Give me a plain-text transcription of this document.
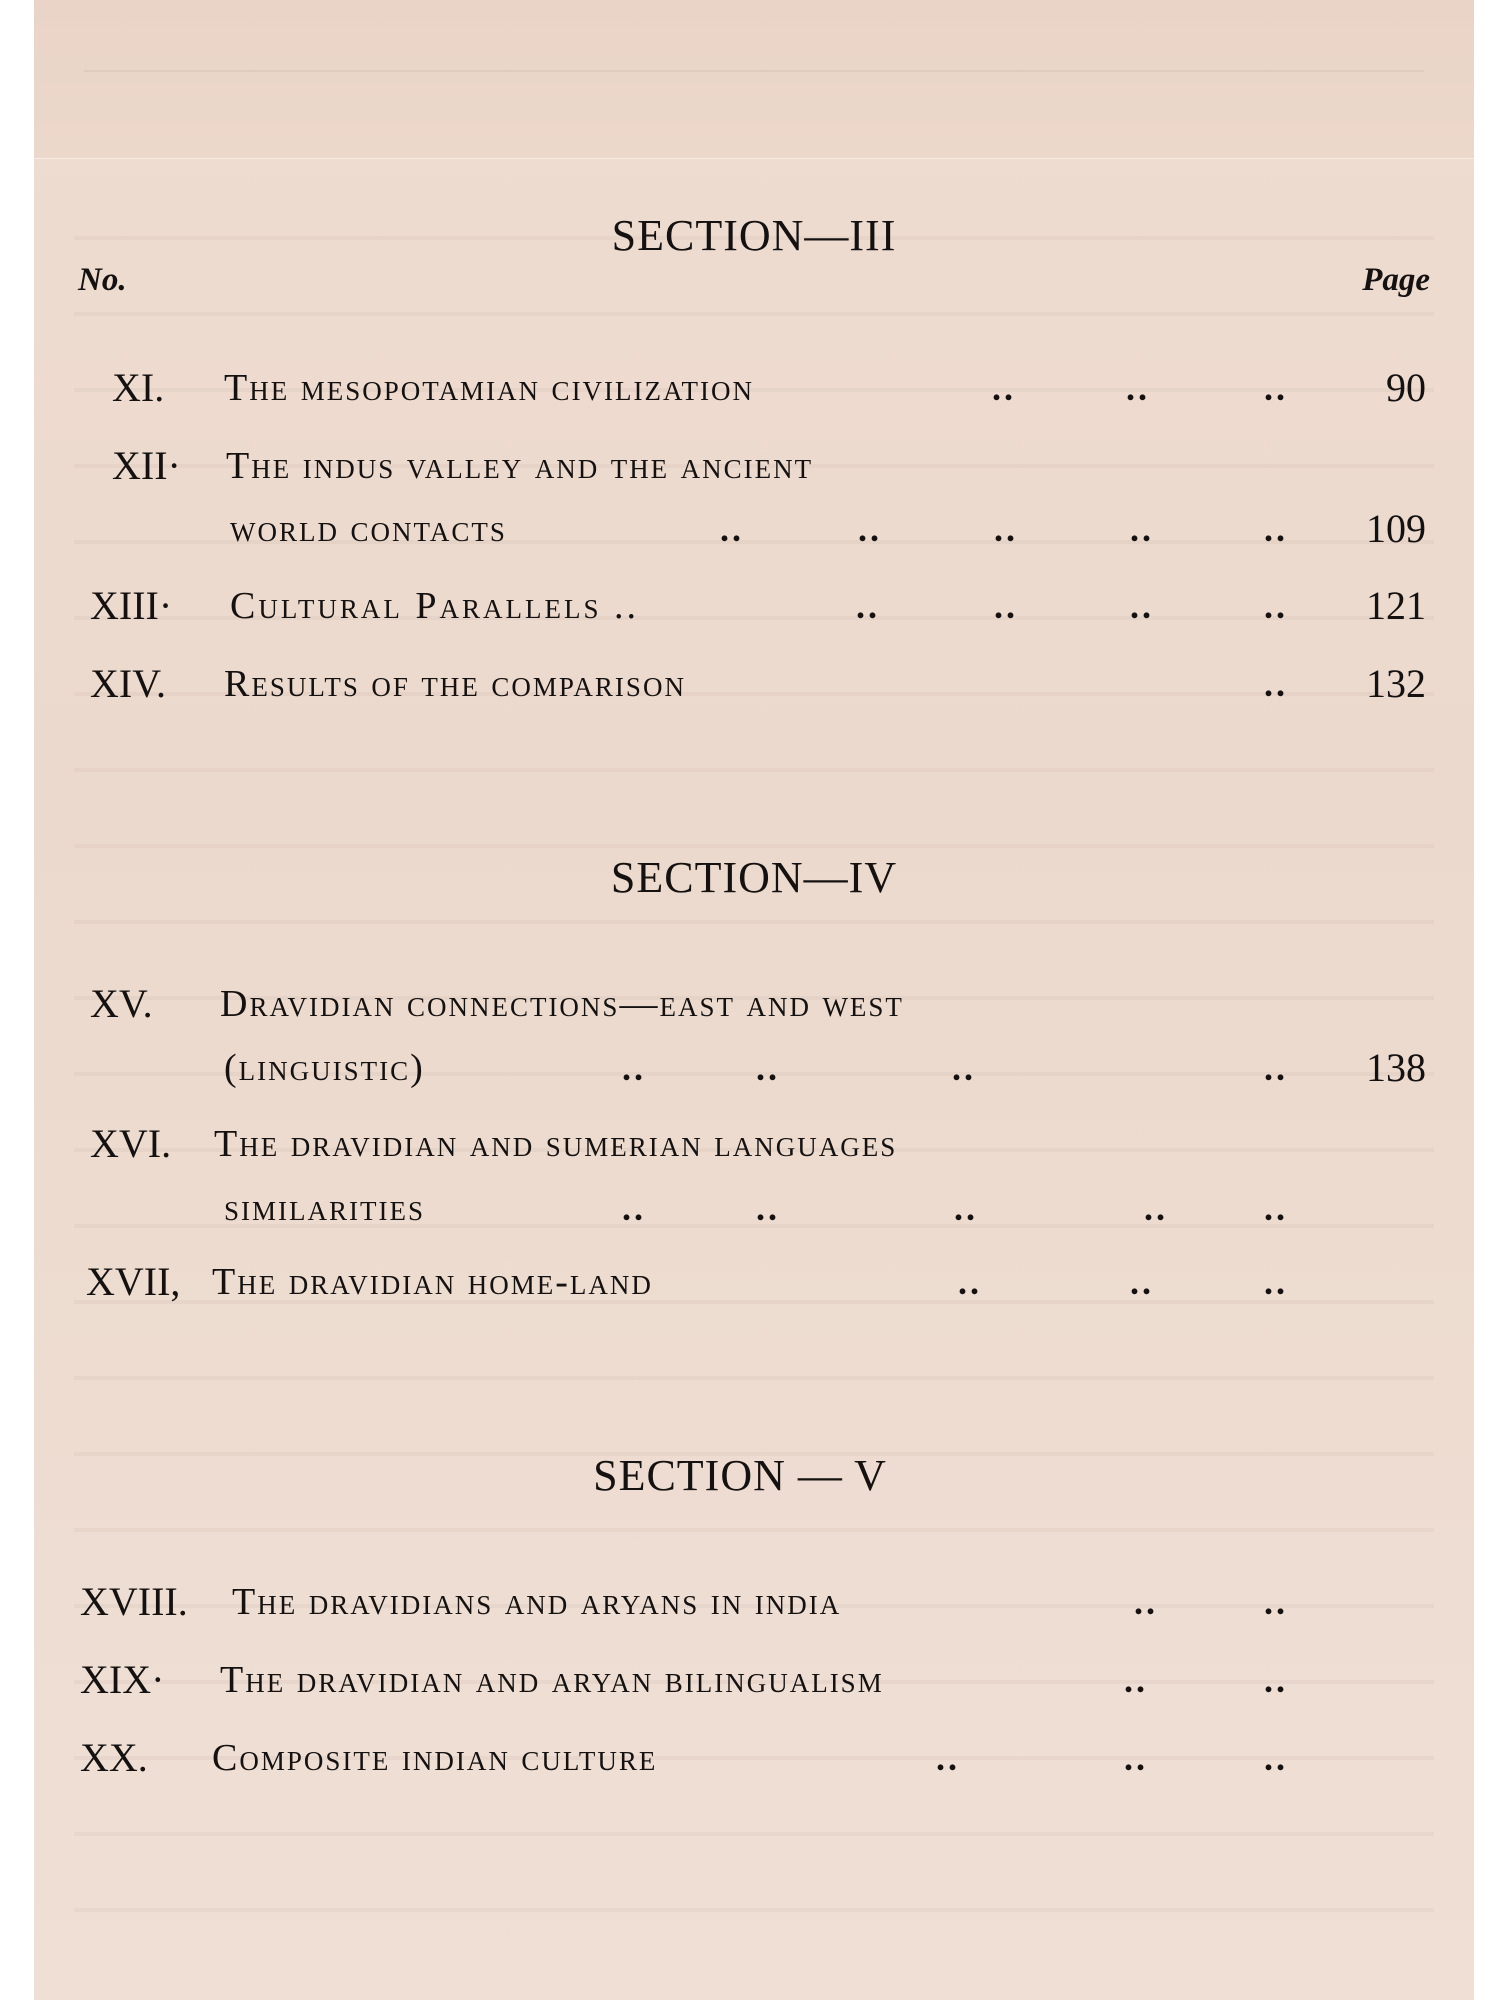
SECTION—III
No.	Page
XI. The mesopotamian civilization	..	..	.. 90
XII· The indus valley and the ancient
world contacts	..	..	..	..	.. 109
XIII· Cultural Parallels ..	..	..	..	.. 121
XIV. Results of the comparison	.. 132
SECTION—IV
XV. Dravidian connections—east and west
(linguistic)	..	..	..	.. 138
XVI. The dravidian and sumerian languages
similarities	..	..	..	..	..
XVII, The dravidian home-land	..	..	..
SECTION — V
XVIII. The dravidians and aryans in india	..	..
XIX· The dravidian and aryan bilingualism	..	..
XX. Composite indian culture	..	..	..
